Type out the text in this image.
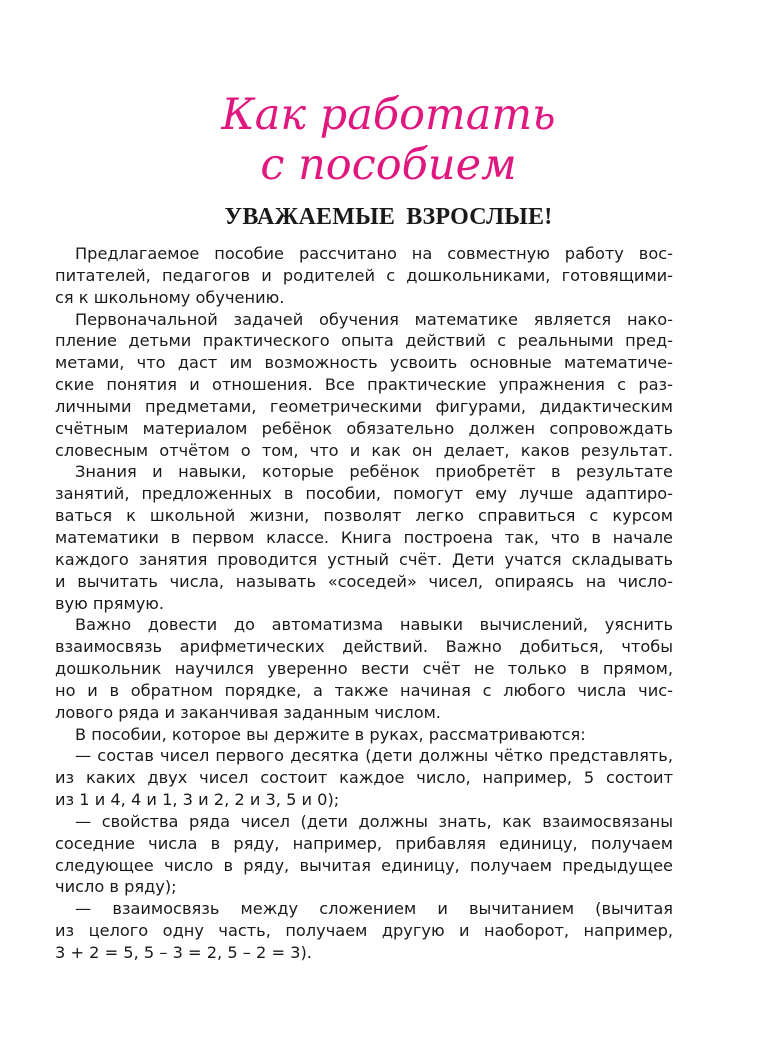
Как работать
с пособием
УВАЖАЕМЫЕ ВЗРОСЛЫЕ!
Предлагаемое пособие рассчитано на совместную работу вос-
питателей, педагогов и родителей с дошкольниками, готовящими-
ся к школьному обучению.
Первоначальной задачей обучения математике является нако-
пление детьми практического опыта действий с реальными пред-
метами, что даст им возможность усвоить основные математиче-
ские понятия и отношения. Все практические упражнения с раз-
личными предметами, геометрическими фигурами, дидактическим
счётным материалом ребёнок обязательно должен сопровождать
словесным отчётом о том, что и как он делает, каков результат.
Знания и навыки, которые ребёнок приобретёт в результате
занятий, предложенных в пособии, помогут ему лучше адаптиро-
ваться к школьной жизни, позволят легко справиться с курсом
математики в первом классе. Книга построена так, что в начале
каждого занятия проводится устный счёт. Дети учатся складывать
и вычитать числа, называть «соседей» чисел, опираясь на число-
вую прямую.
Важно довести до автоматизма навыки вычислений, уяснить
взаимосвязь арифметических действий. Важно добиться, чтобы
дошкольник научился уверенно вести счёт не только в прямом,
но и в обратном порядке, а также начиная с любого числа чис-
лового ряда и заканчивая заданным числом.
В пособии, которое вы держите в руках, рассматриваются:
— состав чисел первого десятка (дети должны чётко представлять,
из каких двух чисел состоит каждое число, например, 5 состоит
из 1 и 4, 4 и 1, 3 и 2, 2 и 3, 5 и 0);
— свойства ряда чисел (дети должны знать, как взаимосвязаны
соседние числа в ряду, например, прибавляя единицу, получаем
следующее число в ряду, вычитая единицу, получаем предыдущее
число в ряду);
— взаимосвязь между сложением и вычитанием (вычитая
из целого одну часть, получаем другую и наоборот, например,
3 + 2 = 5, 5 – 3 = 2, 5 – 2 = 3).
